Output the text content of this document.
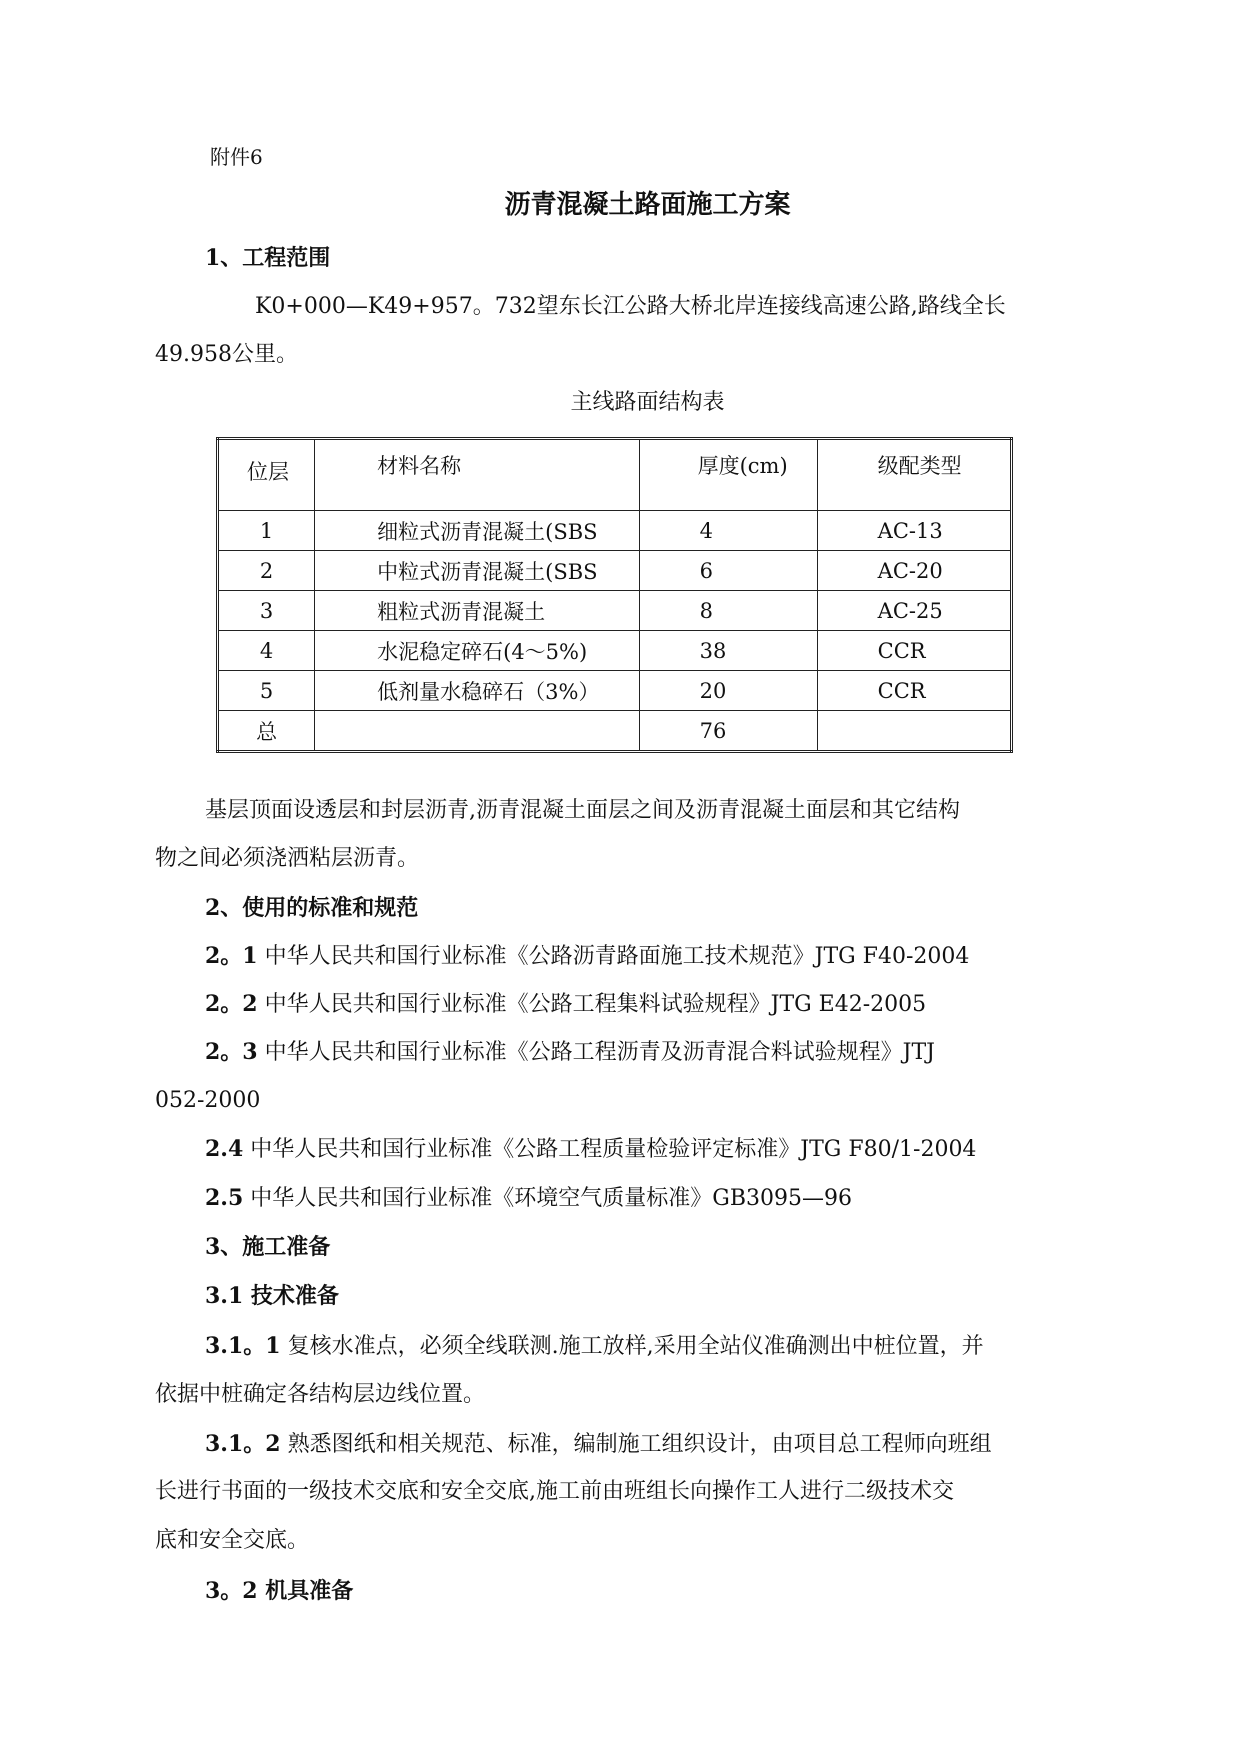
附件6
沥青混凝土路面施工方案
1、工程范围
K0+000—K49+957。732望东长江公路大桥北岸连接线高速公路,路线全长
49.958公里。
主线路面结构表
位层	材料名称	厚度(cm)	级配类型
1	细粒式沥青混凝土(SBS	4	AC-13
2	中粒式沥青混凝土(SBS	6	AC-20
3	粗粒式沥青混凝土	8	AC-25
4	水泥稳定碎石(4～5%)	38	CCR
5	低剂量水稳碎石（3%）	20	CCR
总		76	
基层顶面设透层和封层沥青,沥青混凝土面层之间及沥青混凝土面层和其它结构
物之间必须浇洒粘层沥青。
2、使用的标准和规范
2。1 中华人民共和国行业标准《公路沥青路面施工技术规范》JTG F40-2004
2。2 中华人民共和国行业标准《公路工程集料试验规程》JTG E42-2005
2。3 中华人民共和国行业标准《公路工程沥青及沥青混合料试验规程》JTJ
052-2000
2.4 中华人民共和国行业标准《公路工程质量检验评定标准》JTG F80/1-2004
2.5 中华人民共和国行业标准《环境空气质量标准》GB3095—96
3、施工准备
3.1 技术准备
3.1。1 复核水准点，必须全线联测.施工放样,采用全站仪准确测出中桩位置，并
依据中桩确定各结构层边线位置。
3.1。2 熟悉图纸和相关规范、标准，编制施工组织设计，由项目总工程师向班组
长进行书面的一级技术交底和安全交底,施工前由班组长向操作工人进行二级技术交
底和安全交底。
3。2 机具准备
